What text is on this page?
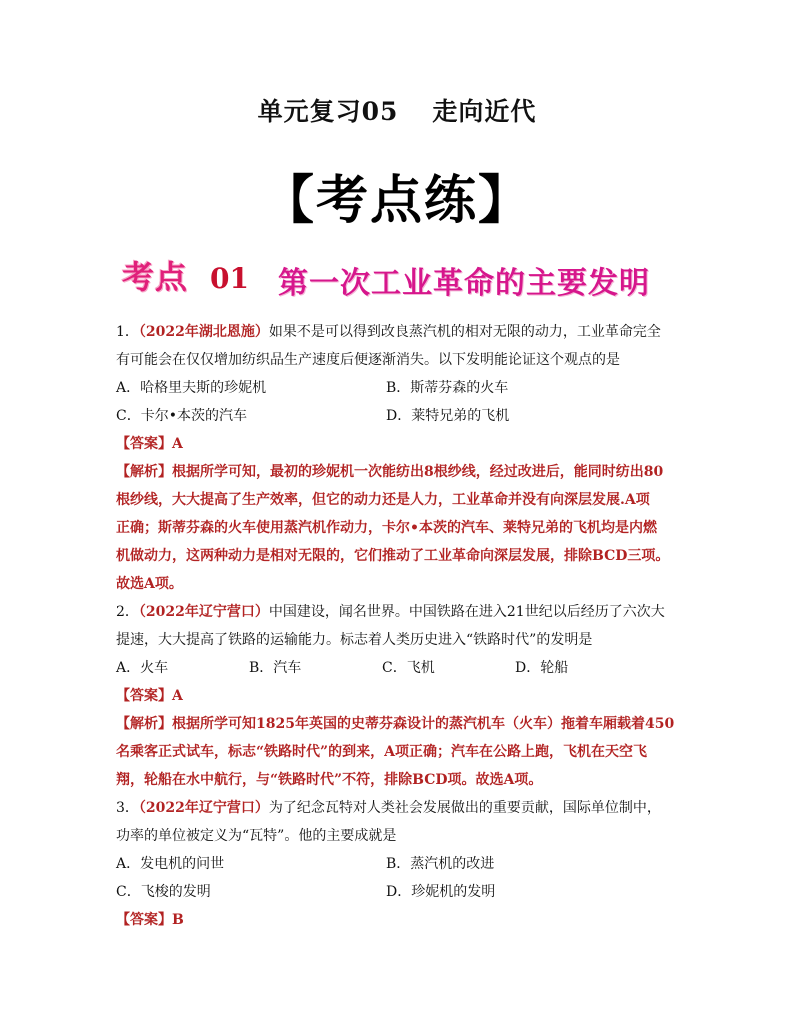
单元复习05 走向近代
【考点练】
考点 01 第一次工业革命的主要发明
1．（2022年湖北恩施）如果不是可以得到改良蒸汽机的相对无限的动力，工业革命完全
有可能会在仅仅增加纺织品生产速度后便逐渐消失。以下发明能论证这个观点的是
A．哈格里夫斯的珍妮机	B．斯蒂芬森的火车
C．卡尔•本茨的汽车	D．莱特兄弟的飞机
【答案】A
【解析】根据所学可知，最初的珍妮机一次能纺出8根纱线，经过改进后，能同时纺出80
根纱线，大大提高了生产效率，但它的动力还是人力，工业革命并没有向深层发展.A项
正确；斯蒂芬森的火车使用蒸汽机作动力，卡尔•本茨的汽车、莱特兄弟的飞机均是内燃
机做动力，这两种动力是相对无限的，它们推动了工业革命向深层发展，排除BCD三项。
故选A项。
2．（2022年辽宁营口）中国建设，闻名世界。中国铁路在进入21世纪以后经历了六次大
提速，大大提高了铁路的运输能力。标志着人类历史进入“铁路时代”的发明是
A．火车	B．汽车	C．飞机	D．轮船
【答案】A
【解析】根据所学可知1825年英国的史蒂芬森设计的蒸汽机车（火车）拖着车厢载着450
名乘客正式试车，标志“铁路时代”的到来，A项正确；汽车在公路上跑，飞机在天空飞
翔，轮船在水中航行，与“铁路时代”不符，排除BCD项。故选A项。
3．（2022年辽宁营口）为了纪念瓦特对人类社会发展做出的重要贡献，国际单位制中，
功率的单位被定义为“瓦特”。他的主要成就是
A．发电机的问世	B．蒸汽机的改进
C．飞梭的发明	D．珍妮机的发明
【答案】B
